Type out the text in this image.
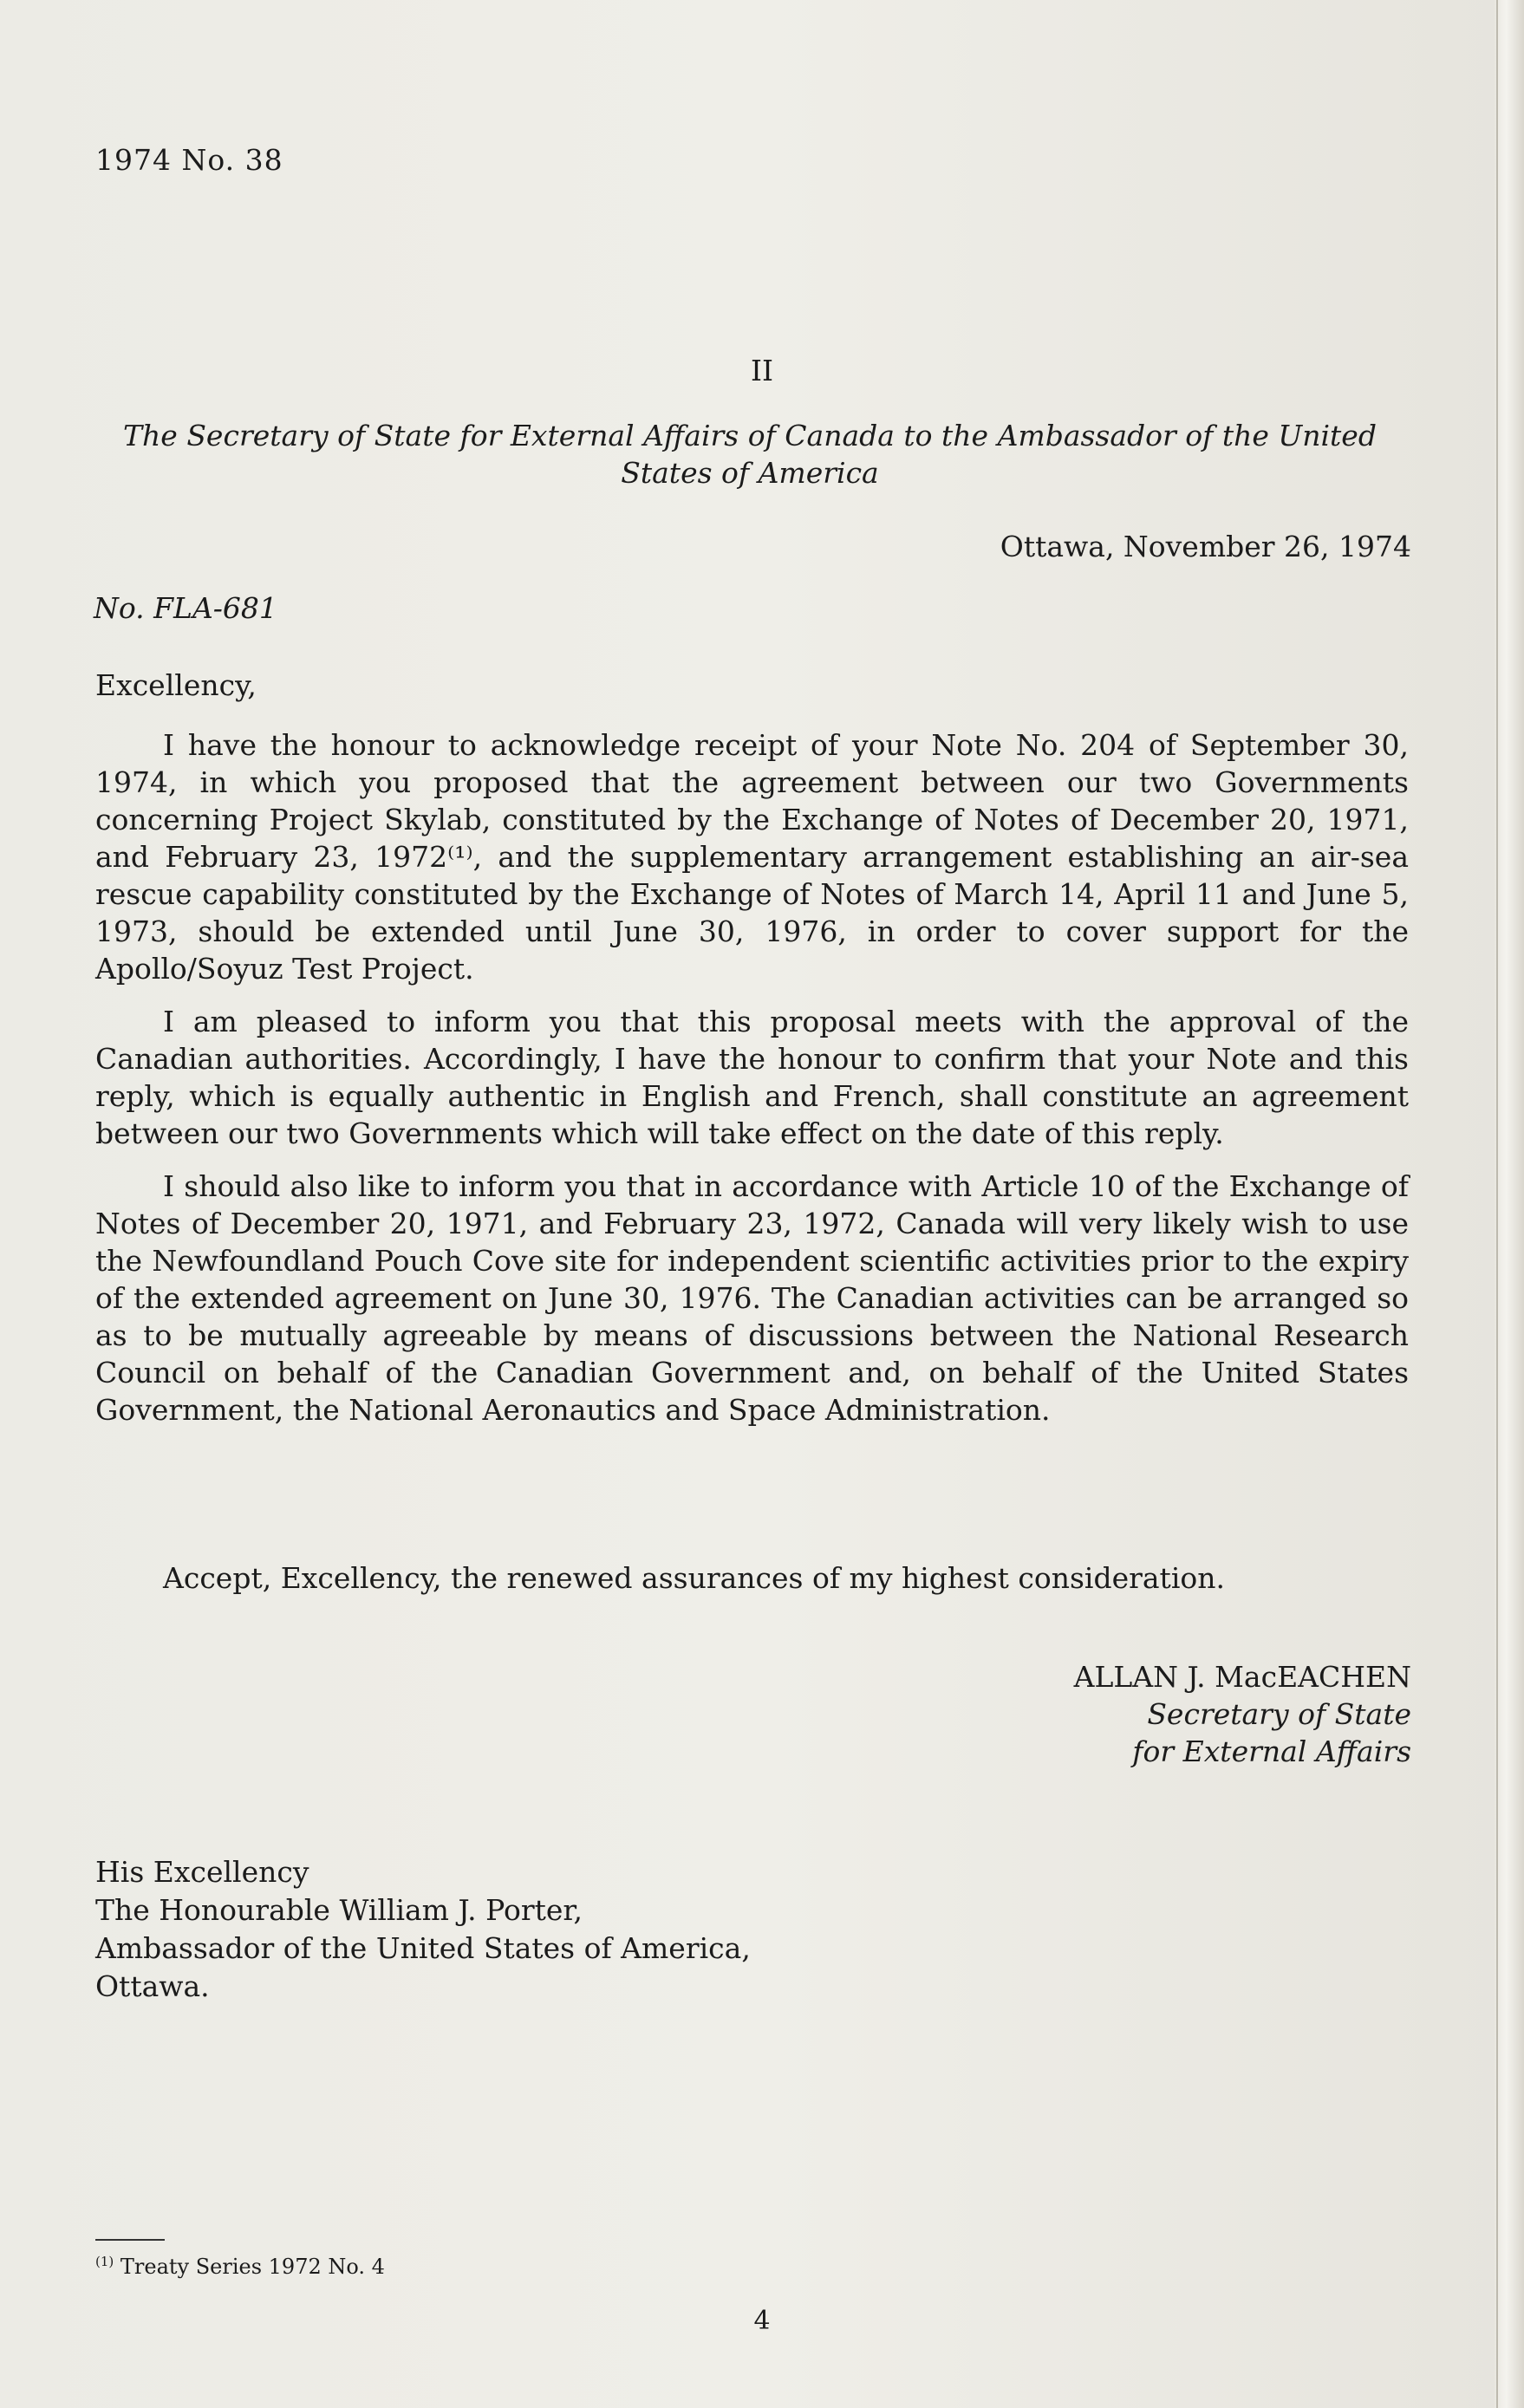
1974 No. 38
II
The Secretary of State for External Affairs of Canada to the Ambassador of the United States of America
Ottawa, November 26, 1974
No. FLA-681
Excellency,

I have the honour to acknowledge receipt of your Note No. 204 of September 30, 1974, in which you proposed that the agreement between our two Governments concerning Project Skylab, constituted by the Exchange of Notes of December 20, 1971, and February 23, 1972⁽¹⁾, and the supplementary arrangement establishing an air-sea rescue capability constituted by the Exchange of Notes of March 14, April 11 and June 5, 1973, should be extended until June 30, 1976, in order to cover support for the Apollo/Soyuz Test Project.

I am pleased to inform you that this proposal meets with the approval of the Canadian authorities. Accordingly, I have the honour to confirm that your Note and this reply, which is equally authentic in English and French, shall constitute an agreement between our two Governments which will take effect on the date of this reply.

I should also like to inform you that in accordance with Article 10 of the Exchange of Notes of December 20, 1971, and February 23, 1972, Canada will very likely wish to use the Newfoundland Pouch Cove site for independent scientific activities prior to the expiry of the extended agreement on June 30, 1976. The Canadian activities can be arranged so as to be mutually agreeable by means of discussions between the National Research Council on behalf of the Canadian Government and, on behalf of the United States Government, the National Aeronautics and Space Administration.

Accept, Excellency, the renewed assurances of my highest consideration.
ALLAN J. MacEACHEN
Secretary of State
for External Affairs
His Excellency
The Honourable William J. Porter,
Ambassador of the United States of America,
Ottawa.
$^{(1)}$ Treaty Series 1972 No. 4
4
